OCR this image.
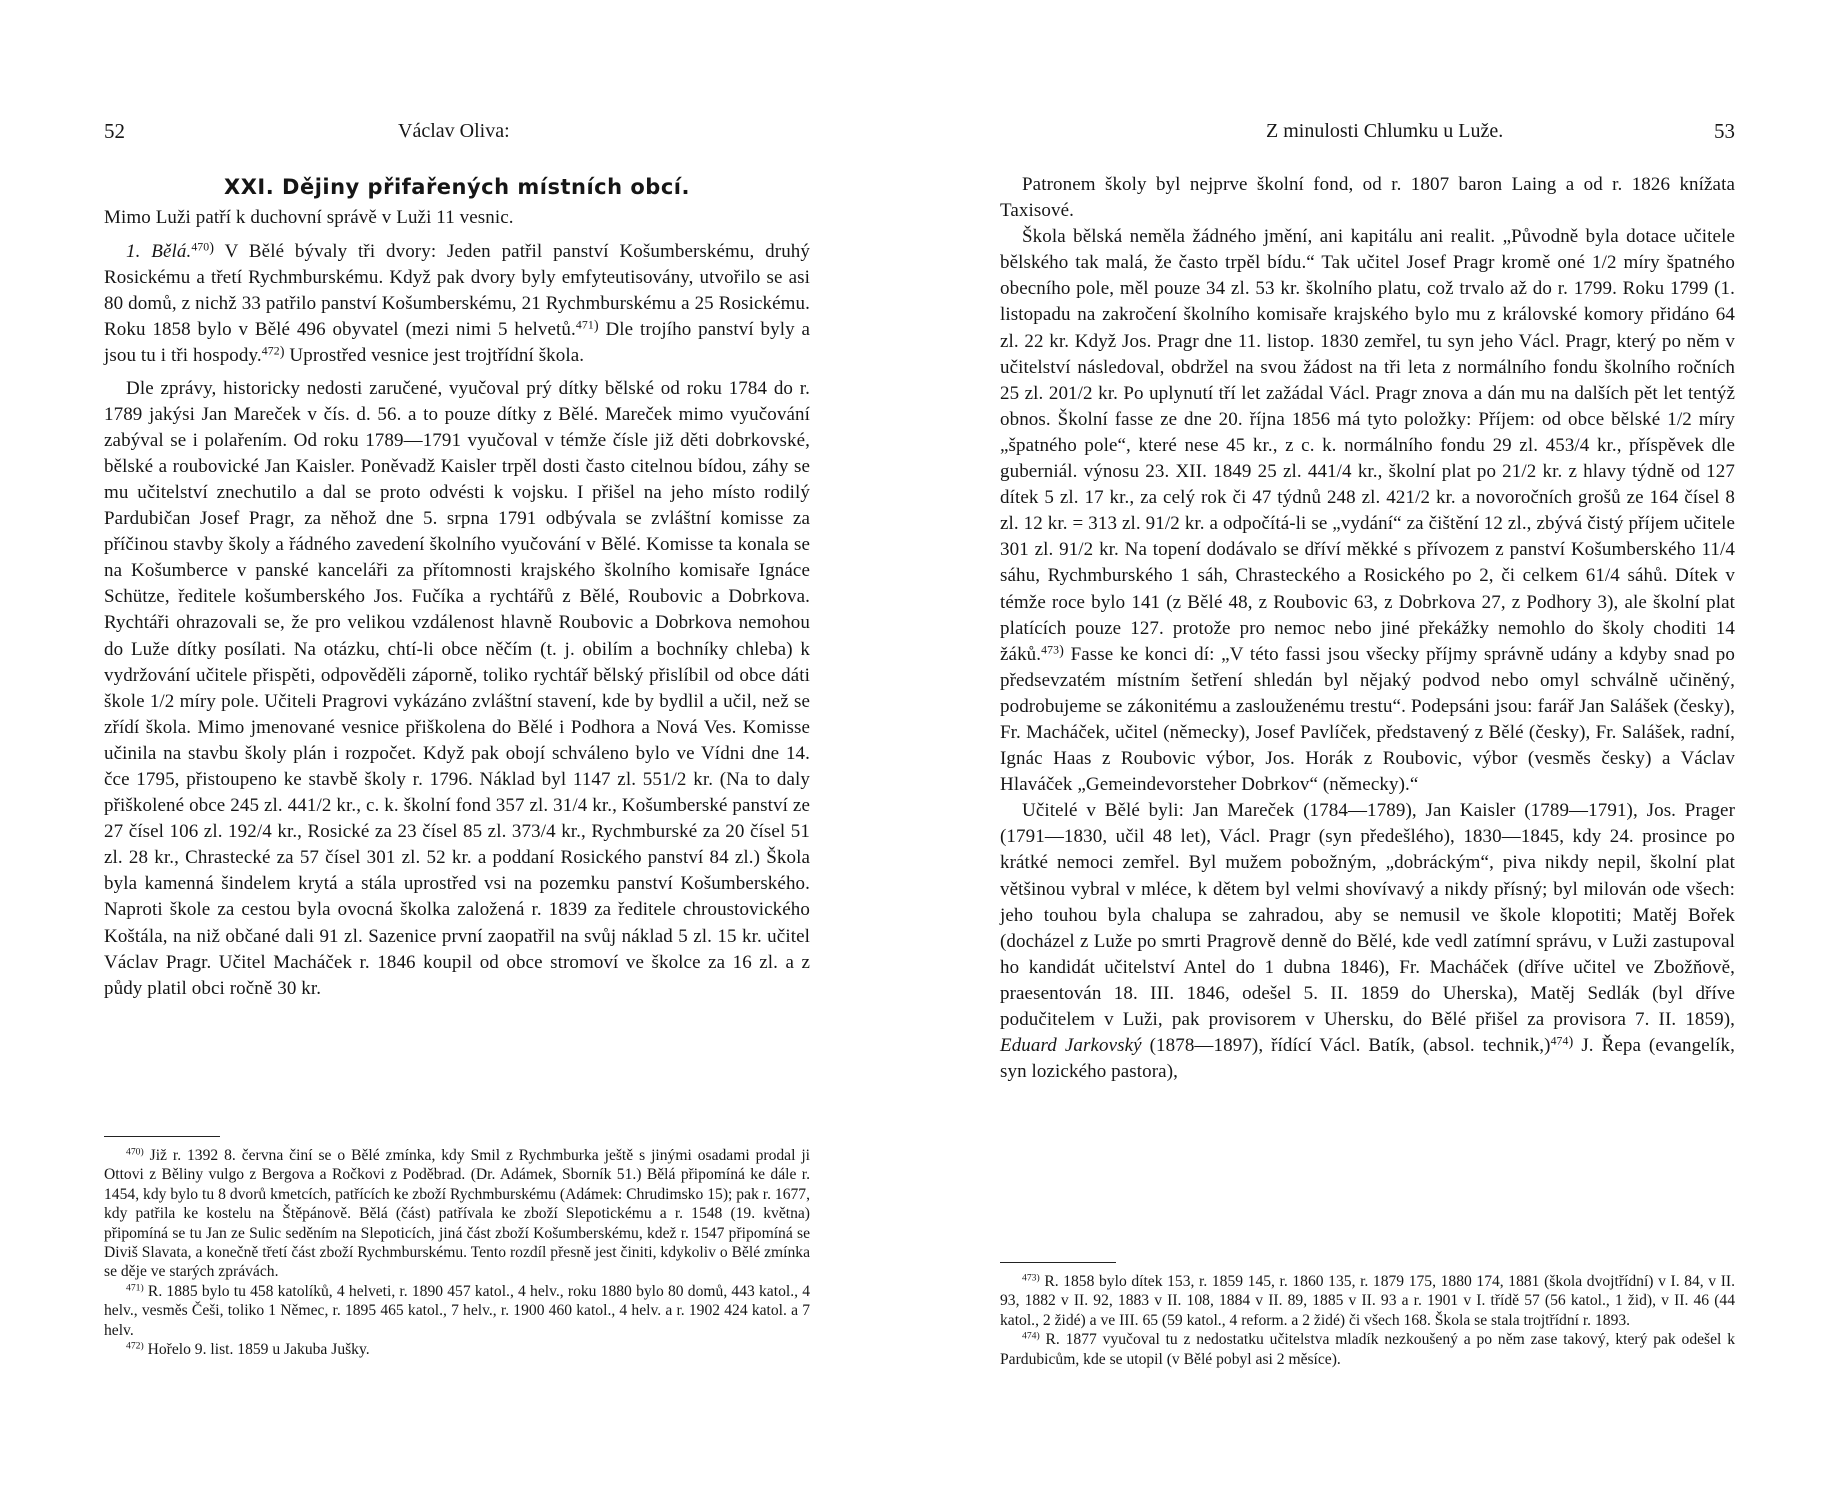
52	Václav Oliva:
XXI. Dějiny přifařených místních obcí.

Mimo Luži patří k duchovní správě v Luži 11 vesnic.

1. Bělá.$^{470)}$ V Bělé bývaly tři dvory: Jeden patřil panství Košumberskému, druhý Rosickému a třetí Rychmburskému. Když pak dvory byly emfyteutisovány, utvořilo se asi 80 domů, z nichž 33 patřilo panství Košumberskému, 21 Rychmburskému a 25 Rosickému. Roku 1858 bylo v Bělé 496 obyvatel (mezi nimi 5 helvetů.$^{471)}$ Dle trojího panství byly a jsou tu i tři hospody.$^{472)}$ Uprostřed vesnice jest trojtřídní škola.

Dle zprávy, historicky nedosti zaručené, vyučoval prý dítky bělské od roku 1784 do r. 1789 jakýsi Jan Mareček v čís. d. 56. a to pouze dítky z Bělé. Mareček mimo vyučování zabýval se i polařením. Od roku 1789—1791 vyučoval v témže čísle již děti dobrkovské, bělské a roubovické Jan Kaisler. Poněvadž Kaisler trpěl dosti často citelnou bídou, záhy se mu učitelství znechutilo a dal se proto odvésti k vojsku. I přišel na jeho místo rodilý Pardubičan Josef Pragr, za něhož dne 5. srpna 1791 odbývala se zvláštní komisse za příčinou stavby školy a řádného zavedení školního vyučování v Bělé. Komisse ta konala se na Košumberce v panské kanceláři za přítomnosti krajského školního komisaře Ignáce Schütze, ředitele košumberského Jos. Fučíka a rychtářů z Bělé, Roubovic a Dobrkova. Rychtáři ohrazovali se, že pro velikou vzdálenost hlavně Roubovic a Dobrkova nemohou do Luže dítky posílati. Na otázku, chtí-li obce něčím (t. j. obilím a bochníky chleba) k vydržování učitele přispěti, odpověděli záporně, toliko rychtář bělský přislíbil od obce dáti škole 1/2 míry pole. Učiteli Pragrovi vykázáno zvláštní stavení, kde by bydlil a učil, než se zřídí škola. Mimo jmenované vesnice přiškolena do Bělé i Podhora a Nová Ves. Komisse učinila na stavbu školy plán i rozpočet. Když pak obojí schváleno bylo ve Vídni dne 14. čce 1795, přistoupeno ke stavbě školy r. 1796. Náklad byl 1147 zl. 551/2 kr. (Na to daly přiškolené obce 245 zl. 441/2 kr., c. k. školní fond 357 zl. 31/4 kr., Košumberské panství ze 27 čísel 106 zl. 192/4 kr., Rosické za 23 čísel 85 zl. 373/4 kr., Rychmburské za 20 čísel 51 zl. 28 kr., Chrastecké za 57 čísel 301 zl. 52 kr. a poddaní Rosického panství 84 zl.) Škola byla kamenná šindelem krytá a stála uprostřed vsi na pozemku panství Košumberského. Naproti škole za cestou byla ovocná školka založená r. 1839 za ředitele chroustovického Koštála, na niž občané dali 91 zl. Sazenice první zaopatřil na svůj náklad 5 zl. 15 kr. učitel Václav Pragr. Učitel Macháček r. 1846 koupil od obce stromoví ve školce za 16 zl. a z půdy platil obci ročně 30 kr.

$^{470)}$ Již r. 1392 8. června činí se o Bělé zmínka, kdy Smil z Rychmburka ještě s jinými osadami prodal ji Ottovi z Běliny vulgo z Bergova a Ročkovi z Poděbrad. (Dr. Adámek, Sborník 51.) Bělá připomíná ke dále r. 1454, kdy bylo tu 8 dvorů kmetcích, patřících ke zboží Rychmburskému (Adámek: Chrudimsko 15); pak r. 1677, kdy patřila ke kostelu na Štěpánově. Bělá (část) patřívala ke zboží Slepotickému a r. 1548 (19. května) připomíná se tu Jan ze Sulic seděním na Slepoticích, jiná část zboží Košumberskému, kdež r. 1547 připomíná se Diviš Slavata, a konečně třetí část zboží Rychmburskému. Tento rozdíl přesně jest činiti, kdykoliv o Bělé zmínka se děje ve starých zprávách.

$^{471)}$ R. 1885 bylo tu 458 katolíků, 4 helveti, r. 1890 457 katol., 4 helv., roku 1880 bylo 80 domů, 443 katol., 4 helv., vesměs Češi, toliko 1 Němec, r. 1895 465 katol., 7 helv., r. 1900 460 katol., 4 helv. a r. 1902 424 katol. a 7 helv.

$^{472)}$ Hořelo 9. list. 1859 u Jakuba Jušky.

Z minulosti Chlumku u Luže.	53

Patronem školy byl nejprve školní fond, od r. 1807 baron Laing a od r. 1826 knížata Taxisové.

Škola bělská neměla žádného jmění, ani kapitálu ani realit. „Původně byla dotace učitele bělského tak malá, že často trpěl bídu.“ Tak učitel Josef Pragr kromě oné 1/2 míry špatného obecního pole, měl pouze 34 zl. 53 kr. školního platu, což trvalo až do r. 1799. Roku 1799 (1. listopadu na zakročení školního komisaře krajského bylo mu z královské komory přidáno 64 zl. 22 kr. Když Jos. Pragr dne 11. listop. 1830 zemřel, tu syn jeho Václ. Pragr, který po něm v učitelství následoval, obdržel na svou žádost na tři leta z normálního fondu školního ročních 25 zl. 201/2 kr. Po uplynutí tří let zažádal Václ. Pragr znova a dán mu na dalších pět let tentýž obnos. Školní fasse ze dne 20. října 1856 má tyto položky: Příjem: od obce bělské 1/2 míry „špatného pole“, které nese 45 kr., z c. k. normálního fondu 29 zl. 453/4 kr., příspěvek dle guberniál. výnosu 23. XII. 1849 25 zl. 441/4 kr., školní plat po 21/2 kr. z hlavy týdně od 127 dítek 5 zl. 17 kr., za celý rok či 47 týdnů 248 zl. 421/2 kr. a novoročních grošů ze 164 čísel 8 zl. 12 kr. = 313 zl. 91/2 kr. a odpočítá-li se „vydání“ za čištění 12 zl., zbývá čistý příjem učitele 301 zl. 91/2 kr. Na topení dodávalo se dříví měkké s přívozem z panství Košumberského 11/4 sáhu, Rychmburského 1 sáh, Chrasteckého a Rosického po 2, či celkem 61/4 sáhů. Dítek v témže roce bylo 141 (z Bělé 48, z Roubovic 63, z Dobrkova 27, z Podhory 3), ale školní plat platících pouze 127. protože pro nemoc nebo jiné překážky nemohlo do školy choditi 14 žáků.$^{473)}$ Fasse ke konci dí: „V této fassi jsou všecky příjmy správně udány a kdyby snad po předsevzatém místním šetření shledán byl nějaký podvod nebo omyl schválně učiněný, podrobujeme se zákonitému a zaslouženému trestu“. Podepsáni jsou: farář Jan Salášek (česky), Fr. Macháček, učitel (německy), Josef Pavlíček, představený z Bělé (česky), Fr. Salášek, radní, Ignác Haas z Roubovic výbor, Jos. Horák z Roubovic, výbor (vesměs česky) a Václav Hlaváček „Gemeindevorsteher Dobrkov“ (německy).“

Učitelé v Bělé byli: Jan Mareček (1784—1789), Jan Kaisler (1789—1791), Jos. Prager (1791—1830, učil 48 let), Václ. Pragr (syn předešlého), 1830—1845, kdy 24. prosince po krátké nemoci zemřel. Byl mužem pobožným, „dobráckým“, piva nikdy nepil, školní plat většinou vybral v mléce, k dětem byl velmi shovívavý a nikdy přísný; byl milován ode všech: jeho touhou byla chalupa se zahradou, aby se nemusil ve škole klopotiti; Matěj Bořek (docházel z Luže po smrti Pragrově denně do Bělé, kde vedl zatímní správu, v Luži zastupoval ho kandidát učitelství Antel do 1 dubna 1846), Fr. Macháček (dříve učitel ve Zbožňově, praesentován 18. III. 1846, odešel 5. II. 1859 do Uherska), Matěj Sedlák (byl dříve podučitelem v Luži, pak provisorem v Uhersku, do Bělé přišel za provisora 7. II. 1859), Eduard Jarkovský (1878—1897), řídící Václ. Batík, (absol. technik,)$^{474)}$ J. Řepa (evangelík, syn lozického pastora),

$^{473)}$ R. 1858 bylo dítek 153, r. 1859 145, r. 1860 135, r. 1879 175, 1880 174, 1881 (škola dvojtřídní) v I. 84, v II. 93, 1882 v II. 92, 1883 v II. 108, 1884 v II. 89, 1885 v II. 93 a r. 1901 v I. třídě 57 (56 katol., 1 žid), v II. 46 (44 katol., 2 židé) a ve III. 65 (59 katol., 4 reform. a 2 židé) či všech 168. Škola se stala trojtřídní r. 1893.

$^{474)}$ R. 1877 vyučoval tu z nedostatku učitelstva mladík nezkoušený a po něm zase takový, který pak odešel k Pardubicům, kde se utopil (v Bělé pobyl asi 2 měsíce).
